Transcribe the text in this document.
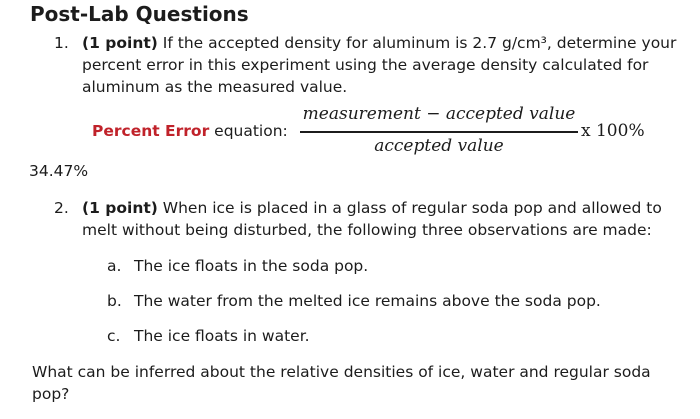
Post-Lab Questions
1. (1 point) If the accepted density for aluminum is 2.7 g/cm³, determine your
percent error in this experiment using the average density calculated for
aluminum as the measured value.
Percent Error equation:
measurement − accepted value
accepted value
x 100%
34.47%
2. (1 point) When ice is placed in a glass of regular soda pop and allowed to
melt without being disturbed, the following three observations are made:
a. The ice floats in the soda pop.
b. The water from the melted ice remains above the soda pop.
c. The ice floats in water.
What can be inferred about the relative densities of ice, water and regular soda
pop?
